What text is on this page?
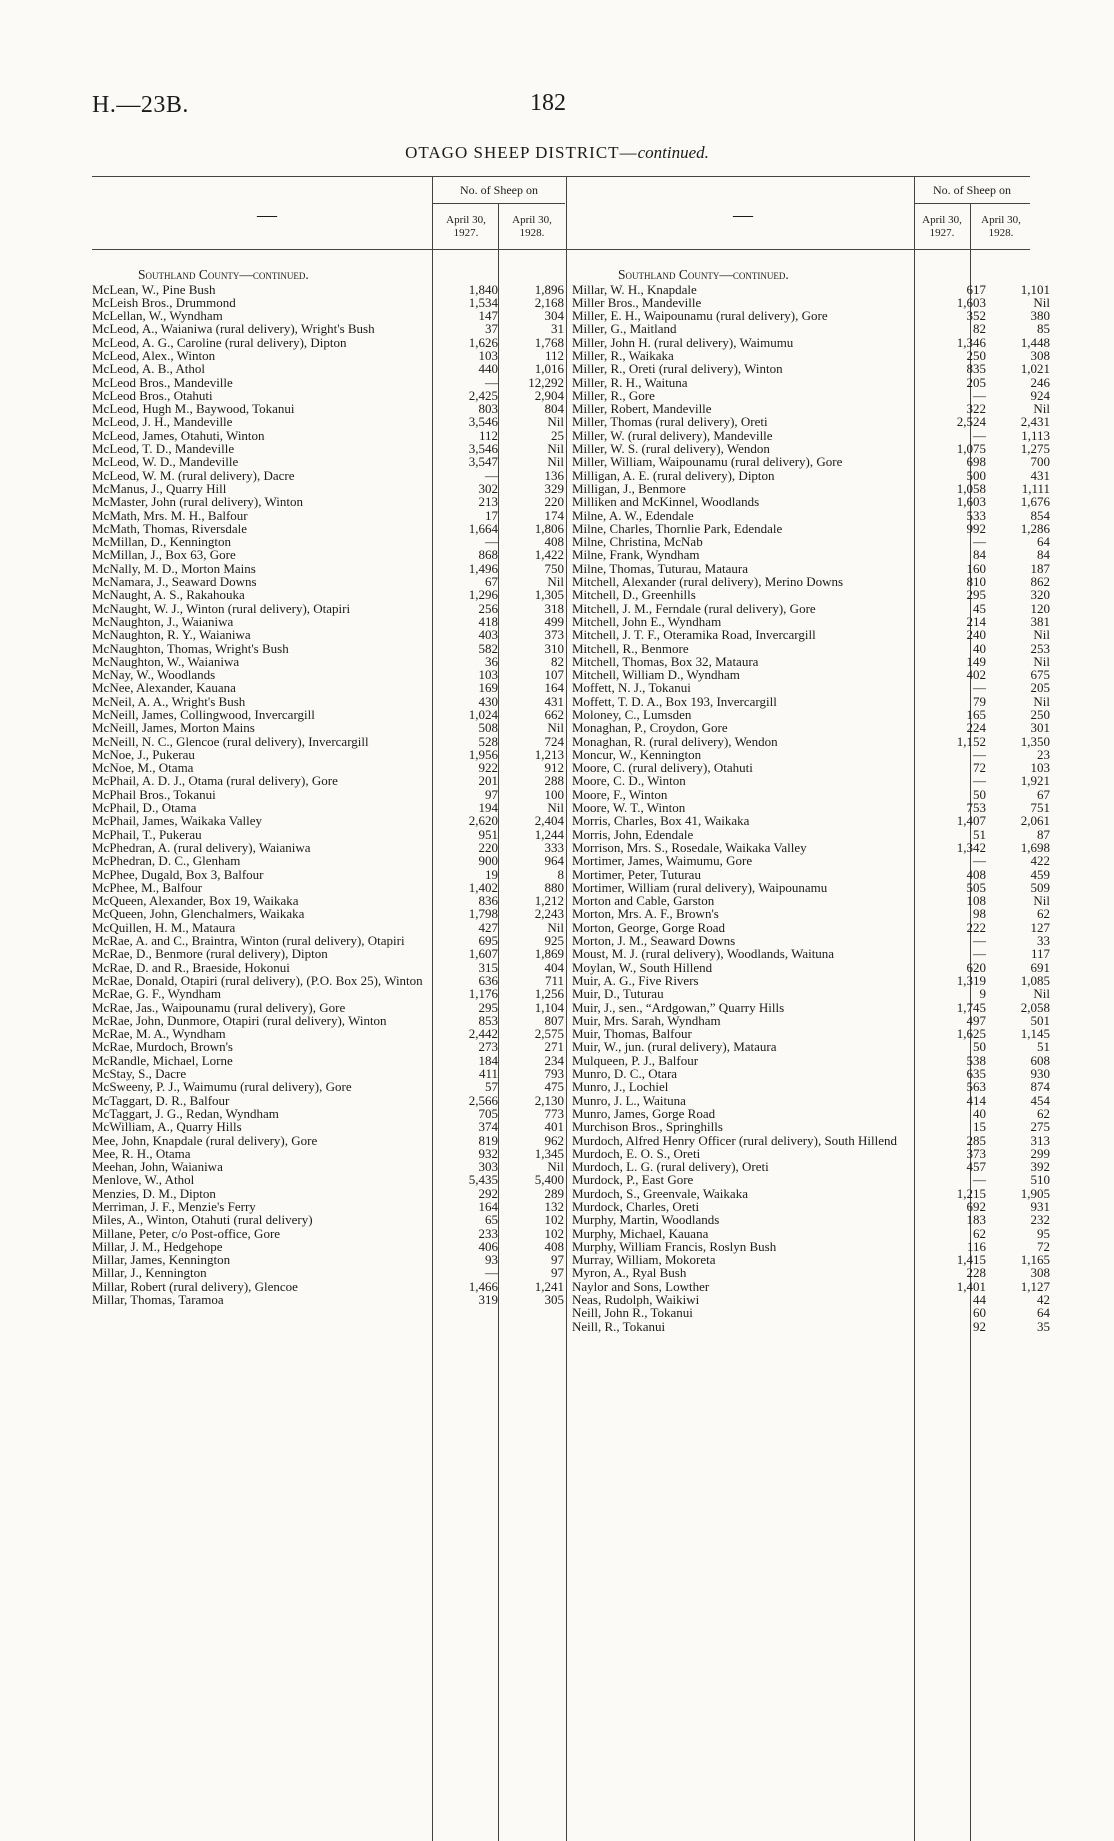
H.—23B.	182
OTAGO SHEEP DISTRICT—continued.
—	—
No. of Sheep on
April 30, 1927.
April 30, 1928.
No. of Sheep on
April 30, 1927.
April 30, 1928.
Southland County—continued.
McLean, W., Pine Bush	1,840	1,896
McLeish Bros., Drummond	1,534	2,168
McLellan, W., Wyndham	147	304
McLeod, A., Waianiwa (rural delivery), Wright's Bush	37	31
McLeod, A. G., Caroline (rural delivery), Dipton	1,626	1,768
McLeod, Alex., Winton	103	112
McLeod, A. B., Athol	440	1,016
McLeod Bros., Mandeville	—	12,292
McLeod Bros., Otahuti	2,425	2,904
McLeod, Hugh M., Baywood, Tokanui	803	804
McLeod, J. H., Mandeville	3,546	Nil
McLeod, James, Otahuti, Winton	112	25
McLeod, T. D., Mandeville	3,546	Nil
McLeod, W. D., Mandeville	3,547	Nil
McLeod, W. M. (rural delivery), Dacre	—	136
McManus, J., Quarry Hill	302	329
McMaster, John (rural delivery), Winton	213	220
McMath, Mrs. M. H., Balfour	17	174
McMath, Thomas, Riversdale	1,664	1,806
McMillan, D., Kennington	—	408
McMillan, J., Box 63, Gore	868	1,422
McNally, M. D., Morton Mains	1,496	750
McNamara, J., Seaward Downs	67	Nil
McNaught, A. S., Rakahouka	1,296	1,305
McNaught, W. J., Winton (rural delivery), Otapiri	256	318
McNaughton, J., Waianiwa	418	499
McNaughton, R. Y., Waianiwa	403	373
McNaughton, Thomas, Wright's Bush	582	310
McNaughton, W., Waianiwa	36	82
McNay, W., Woodlands	103	107
McNee, Alexander, Kauana	169	164
McNeil, A. A., Wright's Bush	430	431
McNeill, James, Collingwood, Invercargill	1,024	662
McNeill, James, Morton Mains	508	Nil
McNeill, N. C., Glencoe (rural delivery), Invercargill	528	724
McNoe, J., Pukerau	1,956	1,213
McNoe, M., Otama	922	912
McPhail, A. D. J., Otama (rural delivery), Gore	201	288
McPhail Bros., Tokanui	97	100
McPhail, D., Otama	194	Nil
McPhail, James, Waikaka Valley	2,620	2,404
McPhail, T., Pukerau	951	1,244
McPhedran, A. (rural delivery), Waianiwa	220	333
McPhedran, D. C., Glenham	900	964
McPhee, Dugald, Box 3, Balfour	19	8
McPhee, M., Balfour	1,402	880
McQueen, Alexander, Box 19, Waikaka	836	1,212
McQueen, John, Glenchalmers, Waikaka	1,798	2,243
McQuillen, H. M., Mataura	427	Nil
McRae, A. and C., Braintra, Winton (rural delivery), Otapiri	695	925
McRae, D., Benmore (rural delivery), Dipton	1,607	1,869
McRae, D. and R., Braeside, Hokonui	315	404
McRae, Donald, Otapiri (rural delivery), (P.O. Box 25), Winton	636	711
McRae, G. F., Wyndham	1,176	1,256
McRae, Jas., Waipounamu (rural delivery), Gore	295	1,104
McRae, John, Dunmore, Otapiri (rural delivery), Winton	853	807
McRae, M. A., Wyndham	2,442	2,575
McRae, Murdoch, Brown's	273	271
McRandle, Michael, Lorne	184	234
McStay, S., Dacre	411	793
McSweeny, P. J., Waimumu (rural delivery), Gore	57	475
McTaggart, D. R., Balfour	2,566	2,130
McTaggart, J. G., Redan, Wyndham	705	773
McWilliam, A., Quarry Hills	374	401
Mee, John, Knapdale (rural delivery), Gore	819	962
Mee, R. H., Otama	932	1,345
Meehan, John, Waianiwa	303	Nil
Menlove, W., Athol	5,435	5,400
Menzies, D. M., Dipton	292	289
Merriman, J. F., Menzie's Ferry	164	132
Miles, A., Winton, Otahuti (rural delivery)	65	102
Millane, Peter, c/o Post-office, Gore	233	102
Millar, J. M., Hedgehope	406	408
Millar, James, Kennington	93	97
Millar, J., Kennington	—	97
Millar, Robert (rural delivery), Glencoe	1,466	1,241
Millar, Thomas, Taramoa	319	305
Southland County—continued.
Millar, W. H., Knapdale	617	1,101
Miller Bros., Mandeville	1,603	Nil
Miller, E. H., Waipounamu (rural delivery), Gore	352	380
Miller, G., Maitland	82	85
Miller, John H. (rural delivery), Waimumu	1,346	1,448
Miller, R., Waikaka	250	308
Miller, R., Oreti (rural delivery), Winton	835	1,021
Miller, R. H., Waituna	205	246
Miller, R., Gore	—	924
Miller, Robert, Mandeville	322	Nil
Miller, Thomas (rural delivery), Oreti	2,524	2,431
Miller, W. (rural delivery), Mandeville	—	1,113
Miller, W. S. (rural delivery), Wendon	1,075	1,275
Miller, William, Waipounamu (rural delivery), Gore	698	700
Milligan, A. E. (rural delivery), Dipton	500	431
Milligan, J., Benmore	1,058	1,111
Milliken and McKinnel, Woodlands	1,603	1,676
Milne, A. W., Edendale	533	854
Milne, Charles, Thornlie Park, Edendale	992	1,286
Milne, Christina, McNab	—	64
Milne, Frank, Wyndham	84	84
Milne, Thomas, Tuturau, Mataura	160	187
Mitchell, Alexander (rural delivery), Merino Downs	810	862
Mitchell, D., Greenhills	295	320
Mitchell, J. M., Ferndale (rural delivery), Gore	45	120
Mitchell, John E., Wyndham	214	381
Mitchell, J. T. F., Oteramika Road, Invercargill	240	Nil
Mitchell, R., Benmore	40	253
Mitchell, Thomas, Box 32, Mataura	149	Nil
Mitchell, William D., Wyndham	402	675
Moffett, N. J., Tokanui	—	205
Moffett, T. D. A., Box 193, Invercargill	79	Nil
Moloney, C., Lumsden	165	250
Monaghan, P., Croydon, Gore	224	301
Monaghan, R. (rural delivery), Wendon	1,152	1,350
Moncur, W., Kennington	—	23
Moore, C. (rural delivery), Otahuti	72	103
Moore, C. D., Winton	—	1,921
Moore, F., Winton	50	67
Moore, W. T., Winton	753	751
Morris, Charles, Box 41, Waikaka	1,407	2,061
Morris, John, Edendale	51	87
Morrison, Mrs. S., Rosedale, Waikaka Valley	1,342	1,698
Mortimer, James, Waimumu, Gore	—	422
Mortimer, Peter, Tuturau	408	459
Mortimer, William (rural delivery), Waipounamu	505	509
Morton and Cable, Garston	108	Nil
Morton, Mrs. A. F., Brown's	98	62
Morton, George, Gorge Road	222	127
Morton, J. M., Seaward Downs	—	33
Moust, M. J. (rural delivery), Woodlands, Waituna	—	117
Moylan, W., South Hillend	620	691
Muir, A. G., Five Rivers	1,319	1,085
Muir, D., Tuturau	9	Nil
Muir, J., sen., “Ardgowan,” Quarry Hills	1,745	2,058
Muir, Mrs. Sarah, Wyndham	497	501
Muir, Thomas, Balfour	1,625	1,145
Muir, W., jun. (rural delivery), Mataura	50	51
Mulqueen, P. J., Balfour	538	608
Munro, D. C., Otara	635	930
Munro, J., Lochiel	563	874
Munro, J. L., Waituna	414	454
Munro, James, Gorge Road	40	62
Murchison Bros., Springhills	15	275
Murdoch, Alfred Henry Officer (rural delivery), South Hillend	285	313
Murdoch, E. O. S., Oreti	373	299
Murdoch, L. G. (rural delivery), Oreti	457	392
Murdock, P., East Gore	—	510
Murdoch, S., Greenvale, Waikaka	1,215	1,905
Murdock, Charles, Oreti	692	931
Murphy, Martin, Woodlands	183	232
Murphy, Michael, Kauana	62	95
Murphy, William Francis, Roslyn Bush	116	72
Murray, William, Mokoreta	1,415	1,165
Myron, A., Ryal Bush	228	308
Naylor and Sons, Lowther	1,401	1,127
Neas, Rudolph, Waikiwi	44	42
Neill, John R., Tokanui	60	64
Neill, R., Tokanui	92	35
